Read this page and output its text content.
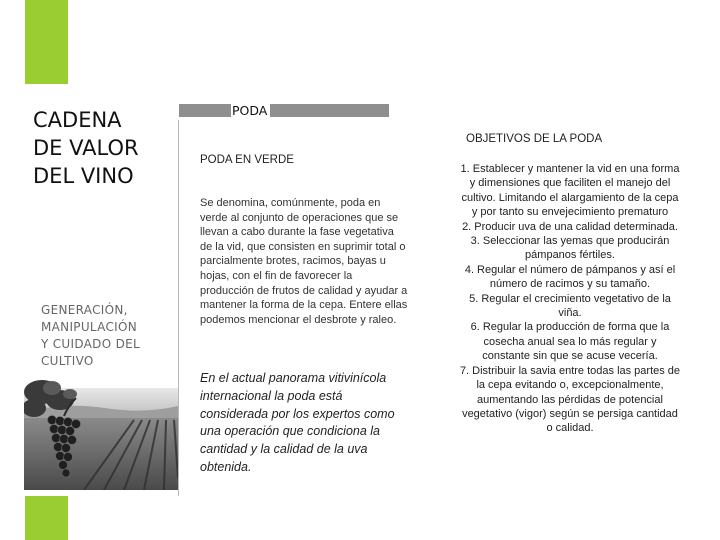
CADENA
DE VALOR
DEL VINO
GENERACIÓN,
MANIPULACIÓN
Y CUIDADO DEL
CULTIVO
PODA
PODA EN VERDE
Se denomina, comúnmente, poda en verde al conjunto de operaciones que se llevan a cabo durante la fase vegetativa de la vid, que consisten en suprimir total o parcialmente brotes, racimos, bayas u hojas, con el fin de favorecer la producción de frutos de calidad y ayudar a mantener la forma de la cepa. Entere ellas podemos mencionar el desbrote y raleo.
En el actual panorama vitivinícola internacional la poda está considerada por los expertos como una operación que condiciona la cantidad y la calidad de la uva obtenida.
OBJETIVOS DE LA PODA
1. Establecer y mantener la vid en una forma y dimensiones que faciliten el manejo del cultivo. Limitando el alargamiento de la cepa y por tanto su envejecimiento prematuro
2. Producir uva de una calidad determinada.
3. Seleccionar las yemas que producirán pámpanos fértiles.
4. Regular el número de pámpanos y así el número de racimos y su tamaño.
5. Regular el crecimiento vegetativo de la viña.
6. Regular la producción de forma que la cosecha anual sea lo más regular y constante sin que se acuse vecería.
7. Distribuir la savia entre todas las partes de la cepa evitando o, excepcionalmente, aumentando las pérdidas de potencial vegetativo (vigor) según se persiga cantidad o calidad.
